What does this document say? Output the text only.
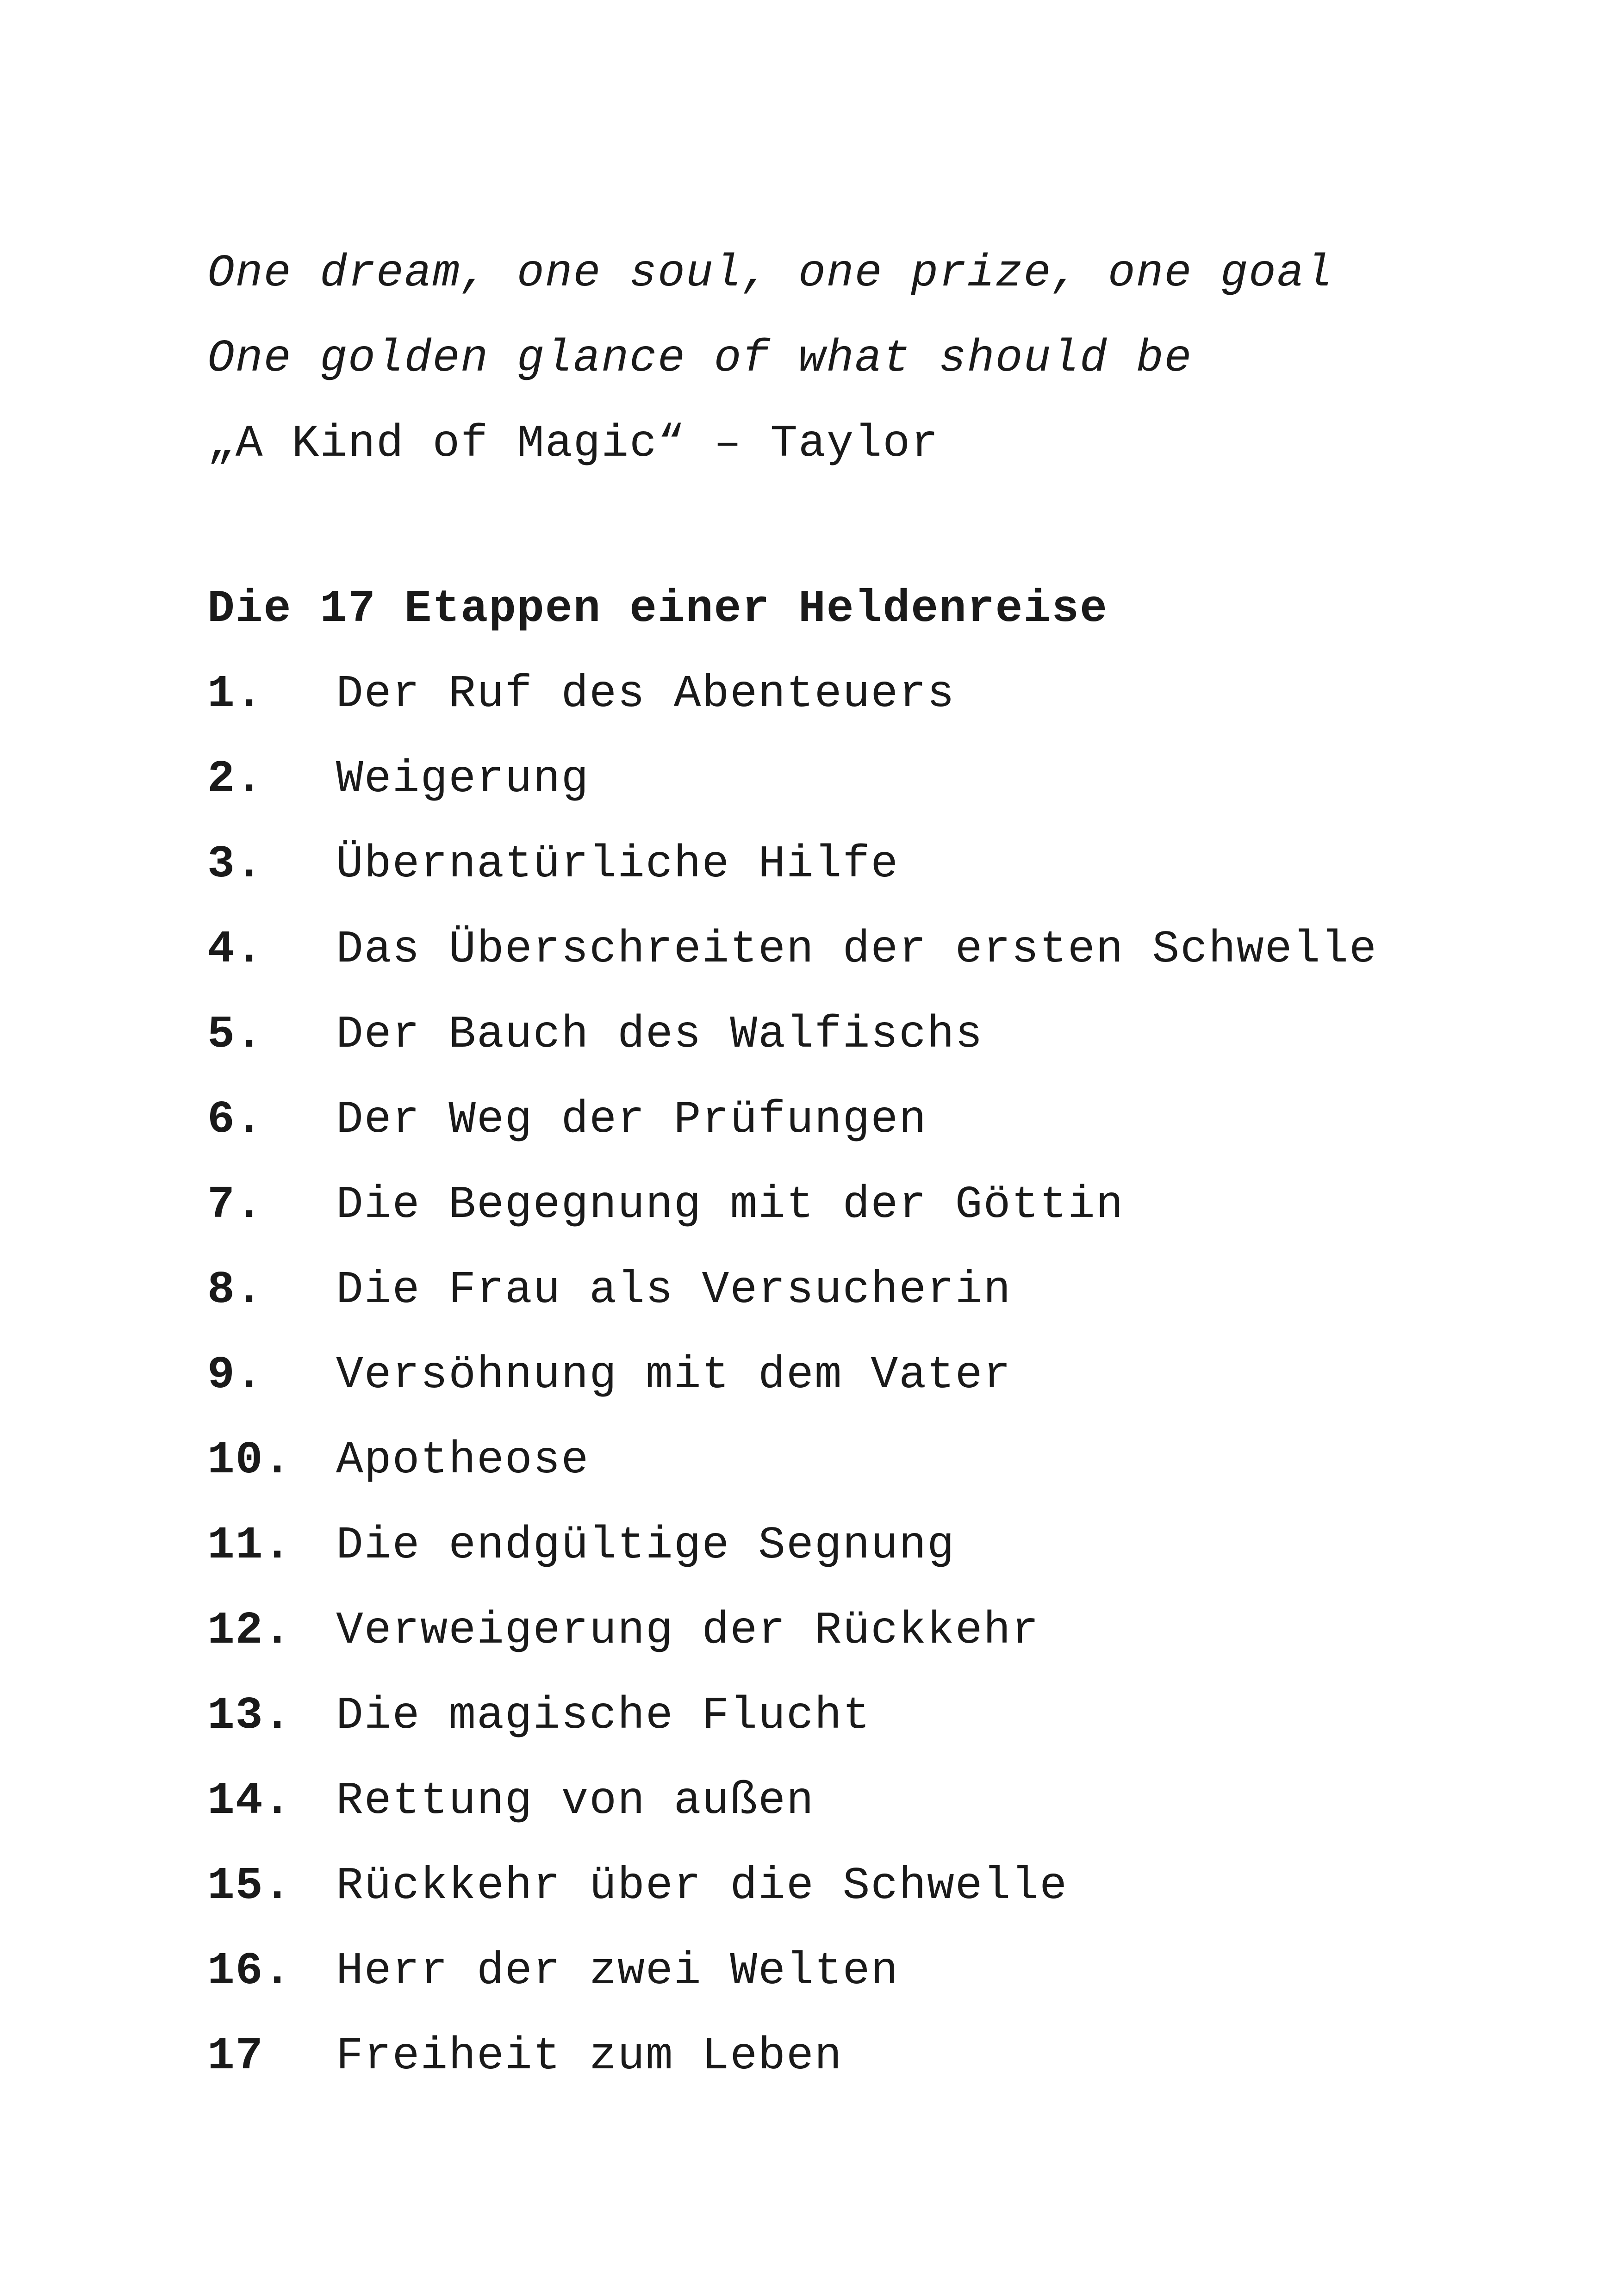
One dream, one soul, one prize, one goal
One golden glance of what should be
„A Kind of Magic“ – Taylor
Die 17 Etappen einer Heldenreise
1.	Der Ruf des Abenteuers
2.	Weigerung
3.	Übernatürliche Hilfe
4.	Das Überschreiten der ersten Schwelle
5.	Der Bauch des Walfischs
6.	Der Weg der Prüfungen
7.	Die Begegnung mit der Göttin
8.	Die Frau als Versucherin
9.	Versöhnung mit dem Vater
10. Apotheose
11. Die endgültige Segnung
12. Verweigerung der Rückkehr
13. Die magische Flucht
14. Rettung von außen
15. Rückkehr über die Schwelle
16. Herr der zwei Welten
17	Freiheit zum Leben
